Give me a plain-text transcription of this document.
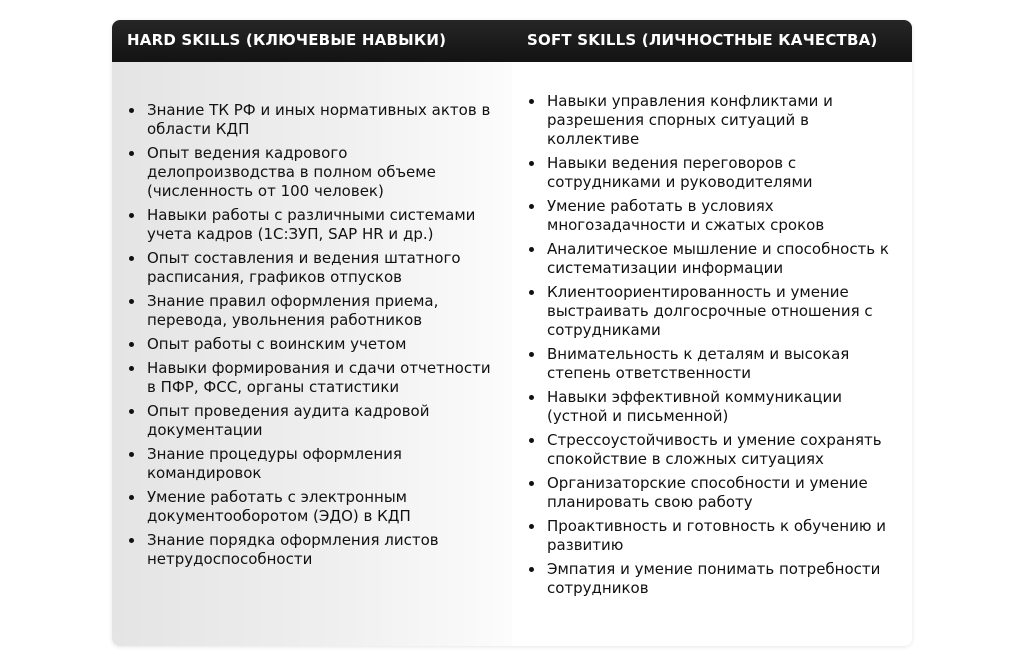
HARD SKILLS (КЛЮЧЕВЫЕ НАВЫКИ)	SOFT SKILLS (ЛИЧНОСТНЫЕ КАЧЕСТВА)
Знание ТК РФ и иных нормативных актов в области КДП
Опыт ведения кадрового делопроизводства в полном объеме (численность от 100 человек)
Навыки работы с различными системами учета кадров (1С:ЗУП, SAP HR и др.)
Опыт составления и ведения штатного расписания, графиков отпусков
Знание правил оформления приема, перевода, увольнения работников
Опыт работы с воинским учетом
Навыки формирования и сдачи отчетности в ПФР, ФСС, органы статистики
Опыт проведения аудита кадровой документации
Знание процедуры оформления командировок
Умение работать с электронным документооборотом (ЭДО) в КДП
Знание порядка оформления листов нетрудоспособности
Навыки управления конфликтами и разрешения спорных ситуаций в коллективе
Навыки ведения переговоров с сотрудниками и руководителями
Умение работать в условиях многозадачности и сжатых сроков
Аналитическое мышление и способность к систематизации информации
Клиентоориентированность и умение выстраивать долгосрочные отношения с сотрудниками
Внимательность к деталям и высокая степень ответственности
Навыки эффективной коммуникации (устной и письменной)
Стрессоустойчивость и умение сохранять спокойствие в сложных ситуациях
Организаторские способности и умение планировать свою работу
Проактивность и готовность к обучению и развитию
Эмпатия и умение понимать потребности сотрудников
